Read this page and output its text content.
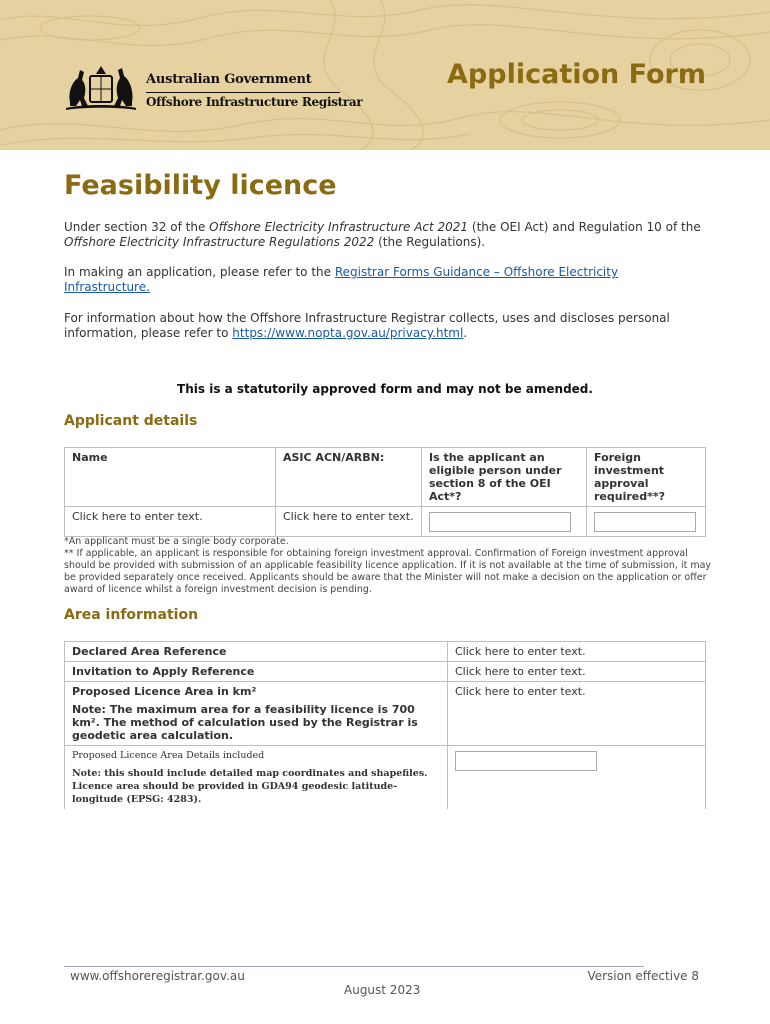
Australian Government
Offshore Infrastructure Registrar
Application Form
Feasibility licence
Under section 32 of the Offshore Electricity Infrastructure Act 2021 (the OEI Act) and Regulation 10 of the Offshore Electricity Infrastructure Regulations 2022 (the Regulations).
In making an application, please refer to the Registrar Forms Guidance – Offshore Electricity Infrastructure.
For information about how the Offshore Infrastructure Registrar collects, uses and discloses personal information, please refer to https://www.nopta.gov.au/privacy.html.
This is a statutorily approved form and may not be amended.
Applicant details
Name	ASIC ACN/ARBN:	Is the applicant an eligible person under section 8 of the OEI Act*?	Foreign investment approval required**?
Click here to enter text.	Click here to enter text.	

*An applicant must be a single body corporate.
** If applicable, an applicant is responsible for obtaining foreign investment approval. Confirmation of Foreign investment approval should be provided with submission of an applicable feasibility licence application. If it is not available at the time of submission, it may be provided separately once received. Applicants should be aware that the Minister will not make a decision on the application or offer award of licence whilst a foreign investment decision is pending.
Area information
Declared Area Reference	Click here to enter text.
Invitation to Apply Reference	Click here to enter text.

Proposed Licence Area in km²
Note: The maximum area for a feasibility licence is 700 km². The method of calculation used by the Registrar is geodetic area calculation.	Click here to enter text.

Proposed Licence Area Details included
Note: this should include detailed map coordinates and shapefiles. Licence area should be provided in GDA94 geodesic latitude-longitude (EPSG: 4283).	

www.offshoreregistrar.gov.au	Version effective 8
August 2023
